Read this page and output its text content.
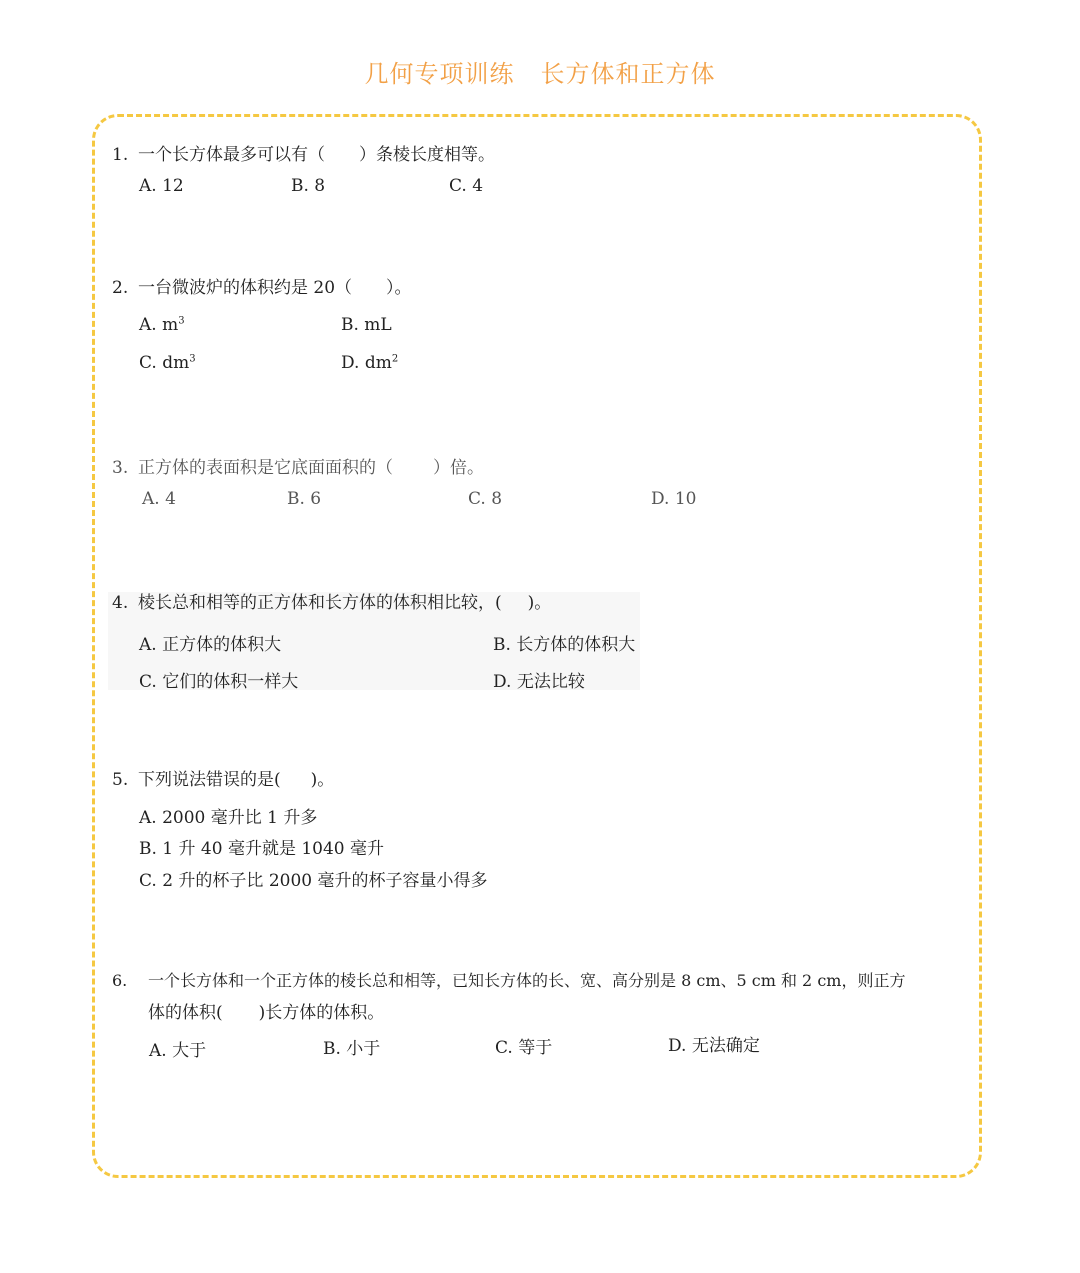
几何专项训练 长方体和正方体
1. 一个长方体最多可以有（ ）条棱长度相等。
A. 12	B. 8	C. 4
2. 一台微波炉的体积约是 20（ ）。
A. $m^3$	B. mL
C. $dm^3$	D. $dm^2$
3. 正方体的表面积是它底面面积的（ ）倍。
A. 4	B. 6	C. 8	D. 10
4. 棱长总和相等的正方体和长方体的体积相比较，( )。
A. 正方体的体积大	B. 长方体的体积大
C. 它们的体积一样大	D. 无法比较
5. 下列说法错误的是( )。
A. 2000 毫升比 1 升多
B. 1 升 40 毫升就是 1040 毫升
C. 2 升的杯子比 2000 毫升的杯子容量小得多
6. 一个长方体和一个正方体的棱长总和相等，已知长方体的长、宽、高分别是 8 cm、5 cm 和 2 cm，则正方
体的体积( )长方体的体积。
A. 大于	B. 小于	C. 等于	D. 无法确定
